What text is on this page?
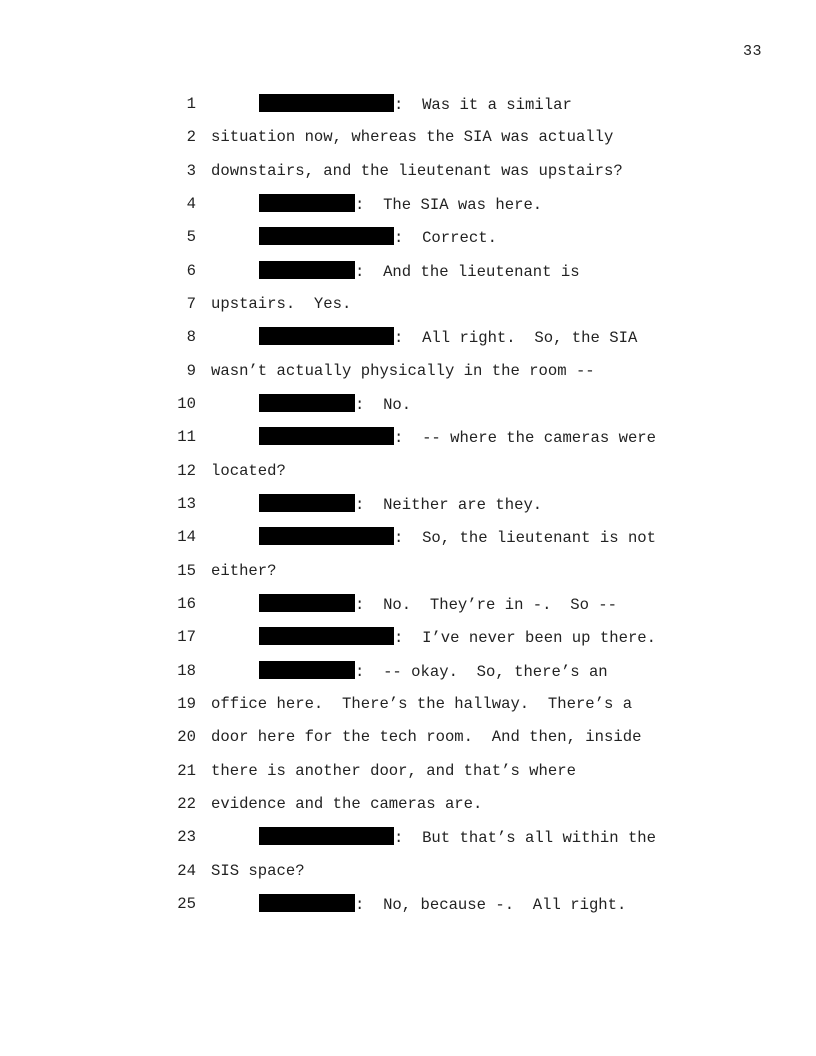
33
1	:  Was it a similar
2 situation now, whereas the SIA was actually
3 downstairs, and the lieutenant was upstairs?
4	:  The SIA was here.
5	:  Correct.
6	:  And the lieutenant is
7 upstairs.  Yes.
8	:  All right.  So, the SIA
9 wasn’t actually physically in the room --
10	:  No.
11	:  -- where the cameras were
12 located?
13	:  Neither are they.
14	:  So, the lieutenant is not
15 either?
16	:  No.  They’re in -.  So --
17	:  I’ve never been up there.
18	:  -- okay.  So, there’s an
19 office here.  There’s the hallway.  There’s a
20 door here for the tech room.  And then, inside
21 there is another door, and that’s where
22 evidence and the cameras are.
23	:  But that’s all within the
24 SIS space?
25	:  No, because -.  All right.
